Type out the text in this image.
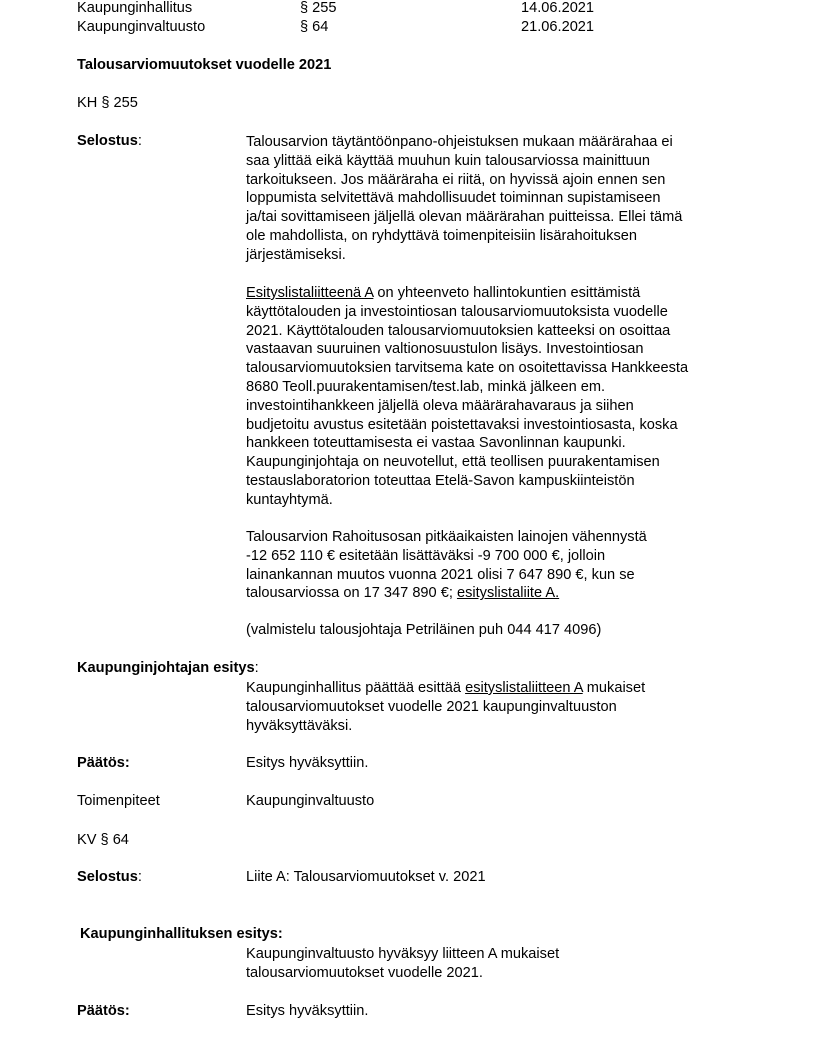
Kaupunginhallitus	§ 255	14.06.2021
Kaupunginvaltuusto	§ 64	21.06.2021
Talousarviomuutokset vuodelle 2021
KH § 255
Selostus:	Talousarvion täytäntöönpano-ohjeistuksen mukaan määrärahaa ei
saa ylittää eikä käyttää muuhun kuin talousarviossa mainittuun
tarkoitukseen. Jos määräraha ei riitä, on hyvissä ajoin ennen sen
loppumista selvitettävä mahdollisuudet toiminnan supistamiseen
ja/tai sovittamiseen jäljellä olevan määrärahan puitteissa. Ellei tämä
ole mahdollista, on ryhdyttävä toimenpiteisiin lisärahoituksen
järjestämiseksi.
Esityslistaliitteenä A on yhteenveto hallintokuntien esittämistä
käyttötalouden ja investointiosan talousarviomuutoksista vuodelle
2021. Käyttötalouden talousarviomuutoksien katteeksi on osoittaa
vastaavan suuruinen valtionosuustulon lisäys. Investointiosan
talousarviomuutoksien tarvitsema kate on osoitettavissa Hankkeesta
8680 Teoll.puurakentamisen/test.lab, minkä jälkeen em.
investointihankkeen jäljellä oleva määrärahavaraus ja siihen
budjetoitu avustus esitetään poistettavaksi investointiosasta, koska
hankkeen toteuttamisesta ei vastaa Savonlinnan kaupunki.
Kaupunginjohtaja on neuvotellut, että teollisen puurakentamisen
testauslaboratorion toteuttaa Etelä-Savon kampuskiinteistön
kuntayhtymä.
Talousarvion Rahoitusosan pitkäaikaisten lainojen vähennystä
-12 652 110 € esitetään lisättäväksi -9 700 000 €, jolloin
lainankannan muutos vuonna 2021 olisi 7 647 890 €, kun se
talousarviossa on 17 347 890 €; esityslistaliite A.
(valmistelu talousjohtaja Petriläinen puh 044 417 4096)
Kaupunginjohtajan esitys:
Kaupunginhallitus päättää esittää esityslistaliitteen A mukaiset
talousarviomuutokset vuodelle 2021 kaupunginvaltuuston
hyväksyttäväksi.
Päätös:	Esitys hyväksyttiin.
Toimenpiteet	Kaupunginvaltuusto
KV § 64
Selostus:	Liite A: Talousarviomuutokset v. 2021
Kaupunginhallituksen esitys:
Kaupunginvaltuusto hyväksyy liitteen A mukaiset
talousarviomuutokset vuodelle 2021.
Päätös:	Esitys hyväksyttiin.
